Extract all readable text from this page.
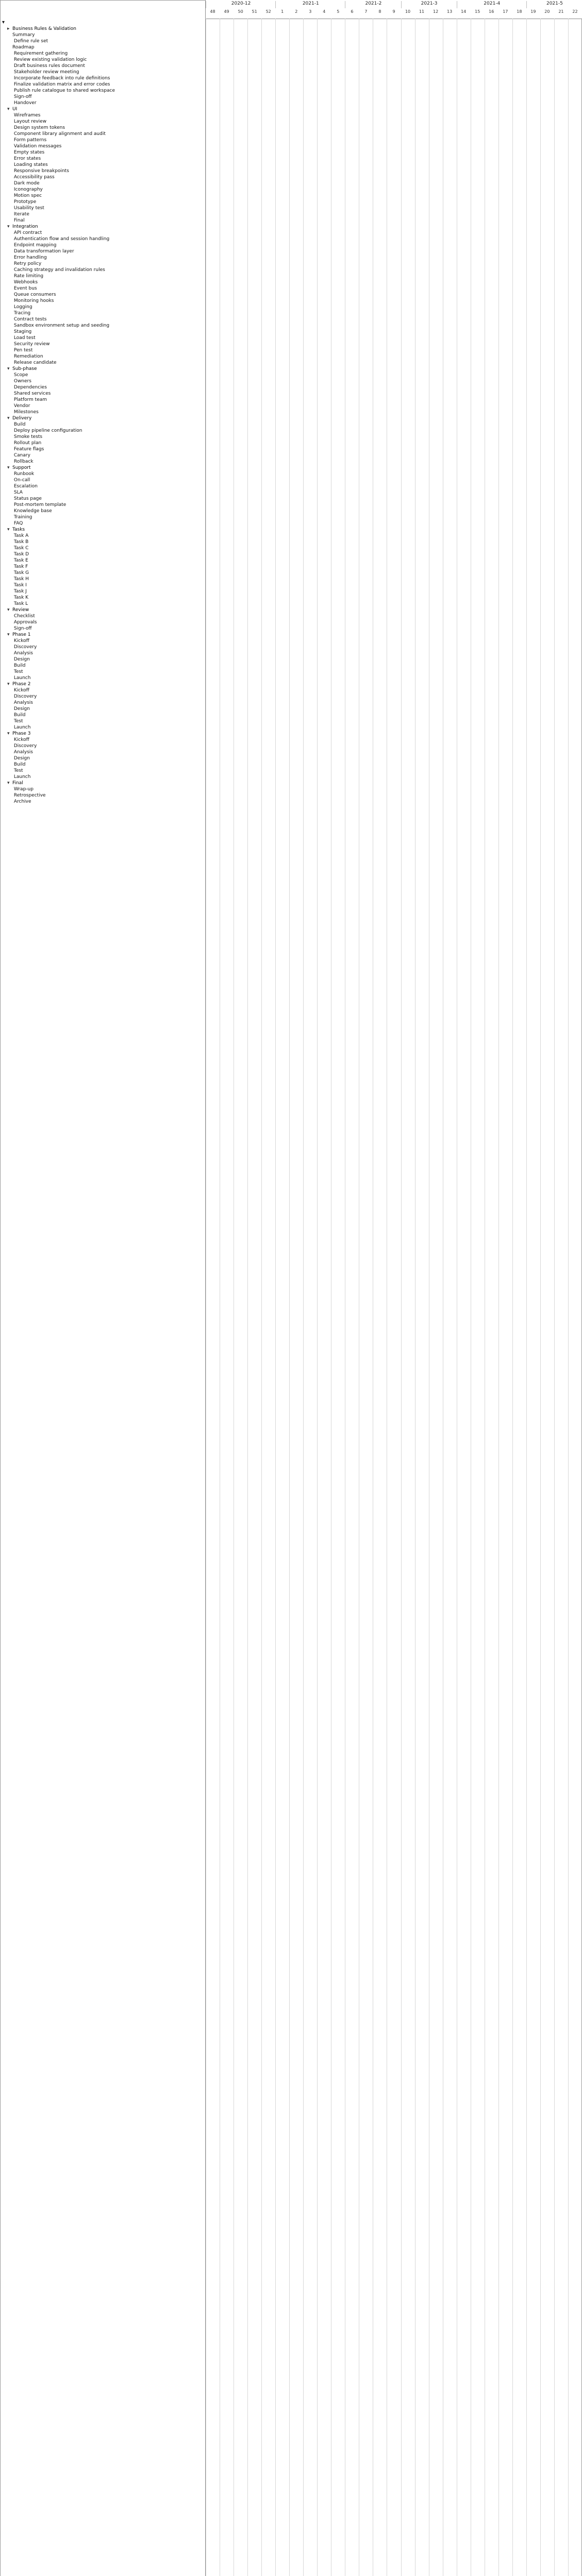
▾
▸ Business Rules & Validation
Summary
Define rule set
Roadmap
Requirement gathering
Review existing validation logic
Draft business rules document
Stakeholder review meeting
Incorporate feedback into rule definitions
Finalize validation matrix and error codes
Publish rule catalogue to shared workspace
Sign-off
Handover
▾ UI
Wireframes
Layout review
Design system tokens
Component library alignment and audit
Form patterns
Validation messages
Empty states
Error states
Loading states
Responsive breakpoints
Accessibility pass
Dark mode
Iconography
Motion spec
Prototype
Usability test
Iterate
Final
▾ Integration
API contract
Authentication flow and session handling
Endpoint mapping
Data transformation layer
Error handling
Retry policy
Caching strategy and invalidation rules
Rate limiting
Webhooks
Event bus
Queue consumers
Monitoring hooks
Logging
Tracing
Contract tests
Sandbox environment setup and seeding
Staging
Load test
Security review
Pen test
Remediation
Release candidate
▾ Sub-phase
Scope
Owners
Dependencies
Shared services
Platform team
Vendor
Milestones
▾ Delivery
Build
Deploy pipeline configuration
Smoke tests
Rollout plan
Feature flags
Canary
Rollback
▾ Support
Runbook
On-call
Escalation
SLA
Status page
Post-mortem template
Knowledge base
Training
FAQ
▾ Tasks
Task A
Task B
Task C
Task D
Task E
Task F
Task G
Task H
Task I
Task J
Task K
Task L
▾ Review
Checklist
Approvals
Sign-off
▾ Phase 1
Kickoff
Discovery
Analysis
Design
Build
Test
Launch
▾ Phase 2
Kickoff
Discovery
Analysis
Design
Build
Test
Launch
▾ Phase 3
Kickoff
Discovery
Analysis
Design
Build
Test
Launch
▾ Final
Wrap-up
Retrospective
Archive
2020-12	2021-1	2021-2	2021-3	2021-4	2021-5
48	49	50	51	52	1	2	3	4	5	6	7	8	9	10	11	12	13	14	15	16	17	18	19	20	21	22
